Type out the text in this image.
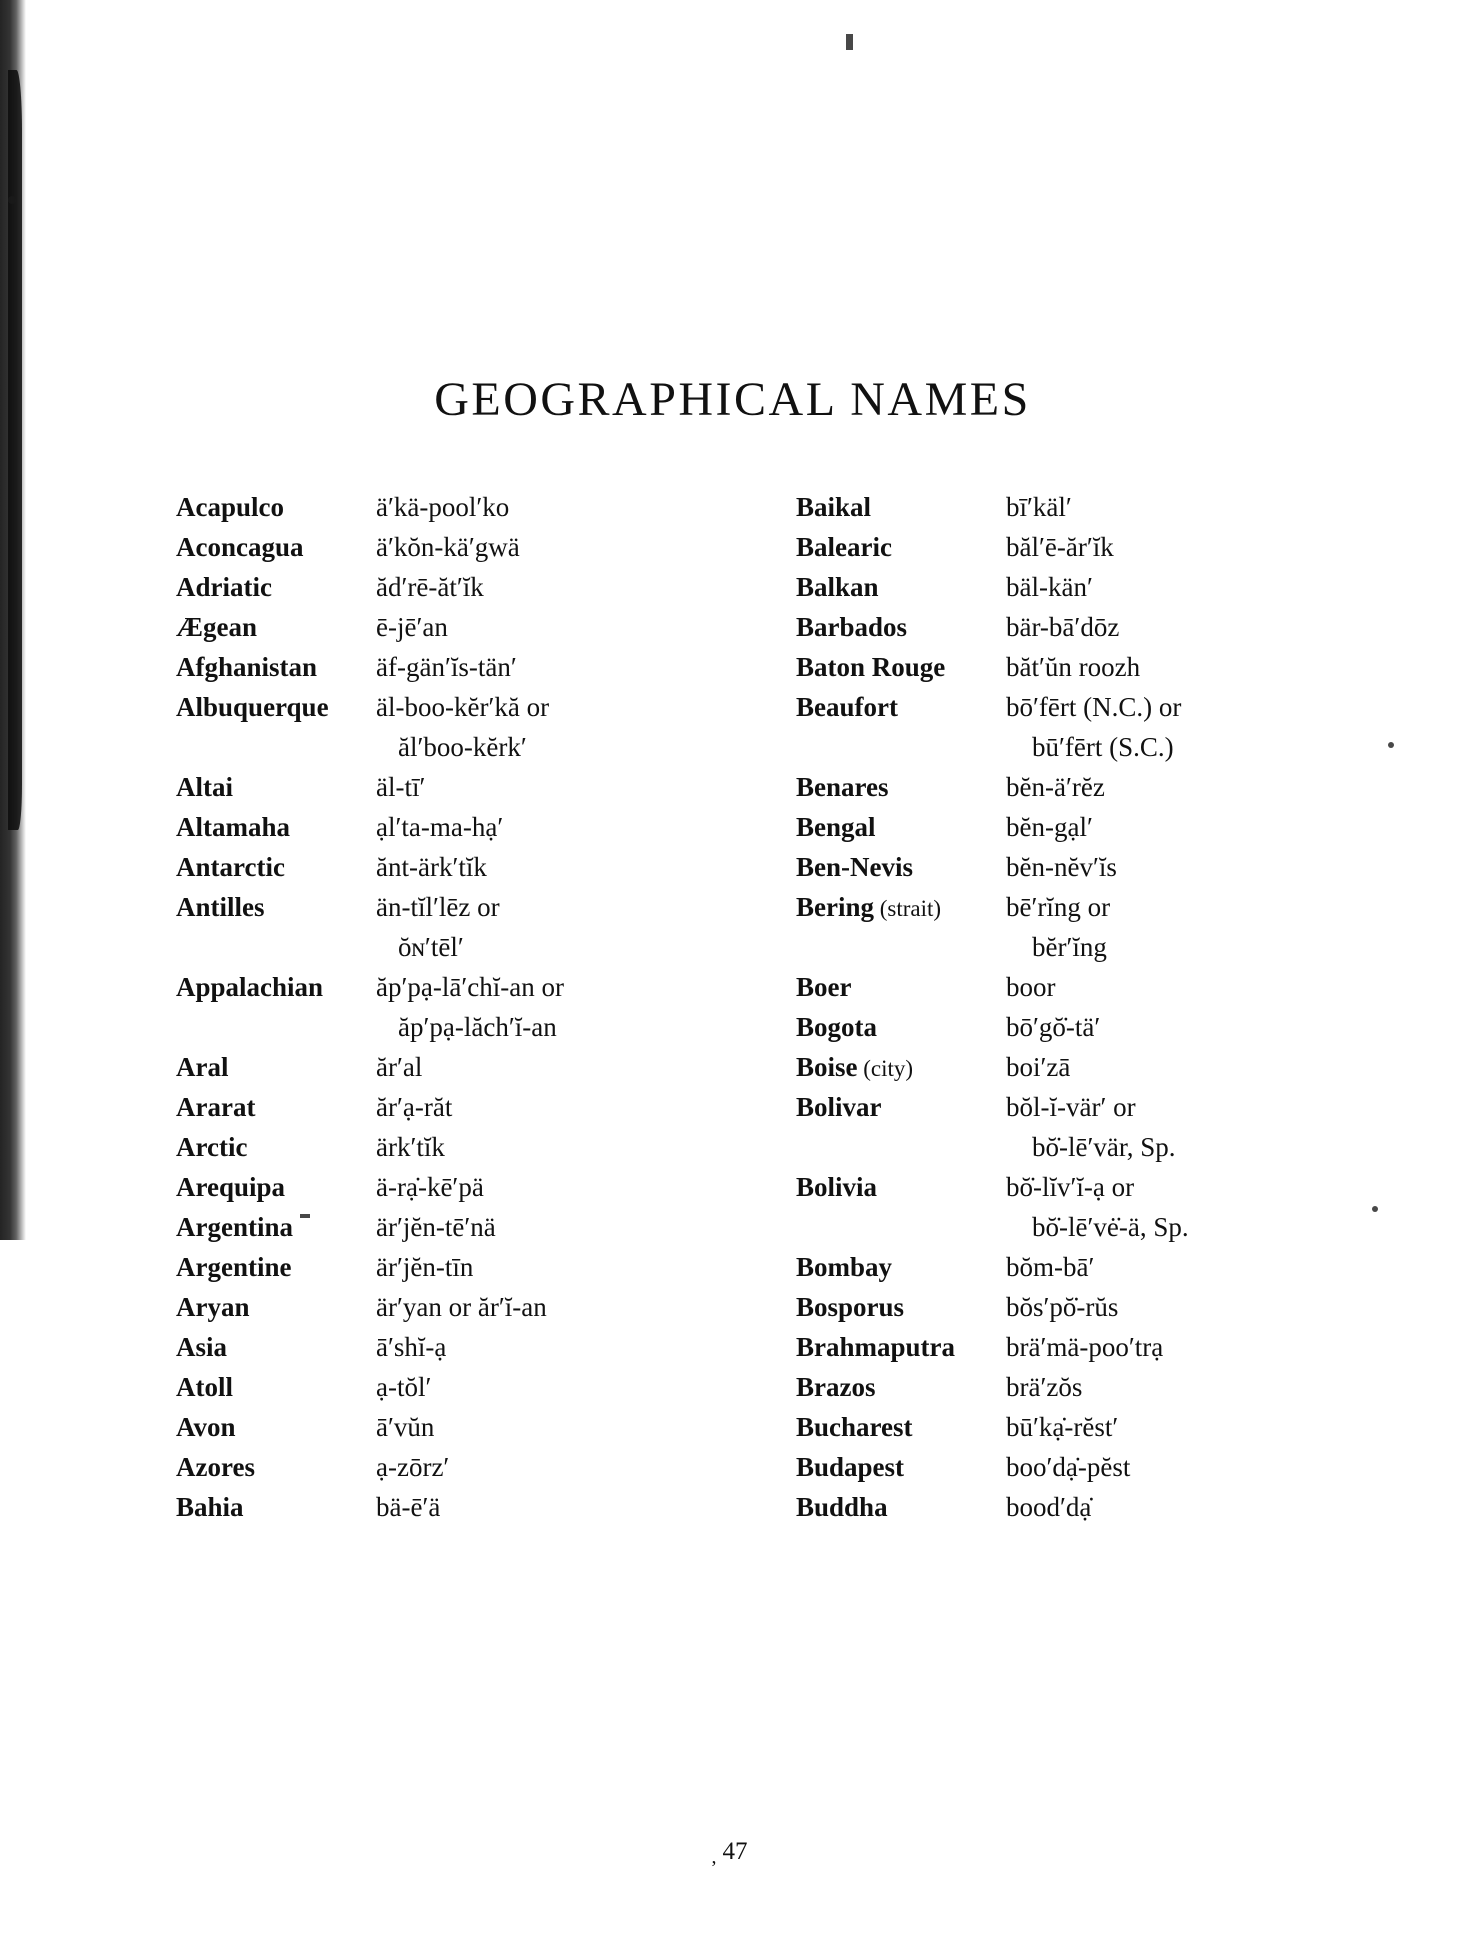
GEOGRAPHICAL NAMES
Acapulco	äʹkä-poolʹko
Aconcagua	äʹkŏn-käʹgwä
Adriatic	ădʹrē-ătʹĭk
Ægean	ē-jēʹan
Afghanistan	äf-gänʹĭs-tänʹ
Albuquerque	äl-boo-kĕrʹkă or
ălʹboo-kĕrkʹ
Altai	äl-tīʹ
Altamaha	ạlʹta-ma-hạʹ
Antarctic	ănt-ärkʹtĭk
Antilles	än-tĭlʹlēz or
ŏɴʹtēlʹ
Appalachian	ăpʹpạ-lāʹchĭ-an or
ăpʹpạ-lăchʹĭ-an
Aral	ărʹal
Ararat	ărʹạ-răt
Arctic	ärkʹtĭk
Arequipa	ä-rạ̇-kēʹpä
Argentina	ärʹjĕn-tēʹnä
Argentine	ärʹjĕn-tīn
Aryan	ärʹyan or ărʹĭ-an
Asia	āʹshĭ-ạ
Atoll	ạ-tŏlʹ
Avon	āʹvŭn
Azores	ạ-zōrzʹ
Bahia	bä-ēʹä
Baikal	bīʹkälʹ
Balearic	bălʹē-ărʹĭk
Balkan	bäl-känʹ
Barbados	bär-bāʹdōz
Baton Rouge	bătʹŭn roozh
Beaufort	bōʹfērt (N.C.) or
būʹfērt (S.C.)
Benares	bĕn-äʹrĕz
Bengal	bĕn-gạlʹ
Ben-Nevis	bĕn-nĕvʹĭs
Bering (strait)	bēʹrĭng or
bĕrʹĭng
Boer	boor
Bogota	bōʹgŏ̇-täʹ
Boise (city)	boiʹzā
Bolivar	bŏl-ĭ-värʹ or
bŏ̇-lēʹvär, Sp.
Bolivia	bŏ̇-lĭvʹĭ-ạ or
bŏ̇-lēʹvė̇-ä, Sp.
Bombay	bŏm-bāʹ
Bosporus	bŏsʹpŏ̇-rŭs
Brahmaputra	bräʹmä-pooʹtrạ
Brazos	bräʹzŏs
Bucharest	būʹkạ̇-rĕstʹ
Budapest	booʹdạ̇-pĕst
Buddha	boodʹdạ̇
, 47
